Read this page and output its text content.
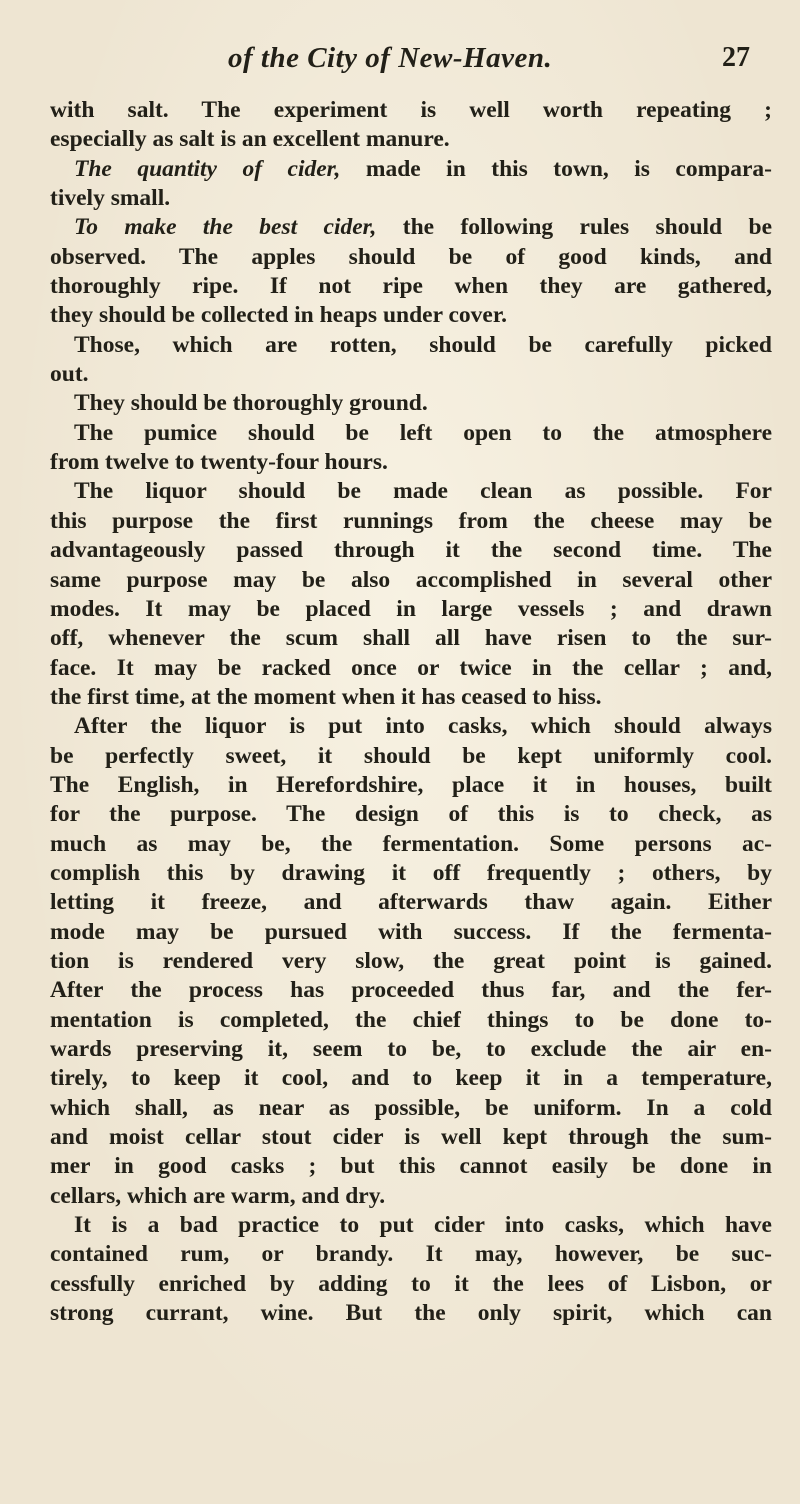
of the City of New-Haven.	27
with salt. The experiment is well worth repeating ;
especially as salt is an excellent manure.
The quantity of cider, made in this town, is compara-
tively small.
To make the best cider, the following rules should be
observed. The apples should be of good kinds, and
thoroughly ripe. If not ripe when they are gathered,
they should be collected in heaps under cover.
Those, which are rotten, should be carefully picked
out.
They should be thoroughly ground.
The pumice should be left open to the atmosphere
from twelve to twenty-four hours.
The liquor should be made clean as possible. For
this purpose the first runnings from the cheese may be
advantageously passed through it the second time. The
same purpose may be also accomplished in several other
modes. It may be placed in large vessels ; and drawn
off, whenever the scum shall all have risen to the sur-
face. It may be racked once or twice in the cellar ; and,
the first time, at the moment when it has ceased to hiss.
After the liquor is put into casks, which should always
be perfectly sweet, it should be kept uniformly cool.
The English, in Herefordshire, place it in houses, built
for the purpose. The design of this is to check, as
much as may be, the fermentation. Some persons ac-
complish this by drawing it off frequently ; others, by
letting it freeze, and afterwards thaw again. Either
mode may be pursued with success. If the fermenta-
tion is rendered very slow, the great point is gained.
After the process has proceeded thus far, and the fer-
mentation is completed, the chief things to be done to-
wards preserving it, seem to be, to exclude the air en-
tirely, to keep it cool, and to keep it in a temperature,
which shall, as near as possible, be uniform. In a cold
and moist cellar stout cider is well kept through the sum-
mer in good casks ; but this cannot easily be done in
cellars, which are warm, and dry.
It is a bad practice to put cider into casks, which have
contained rum, or brandy. It may, however, be suc-
cessfully enriched by adding to it the lees of Lisbon, or
strong currant, wine. But the only spirit, which can
